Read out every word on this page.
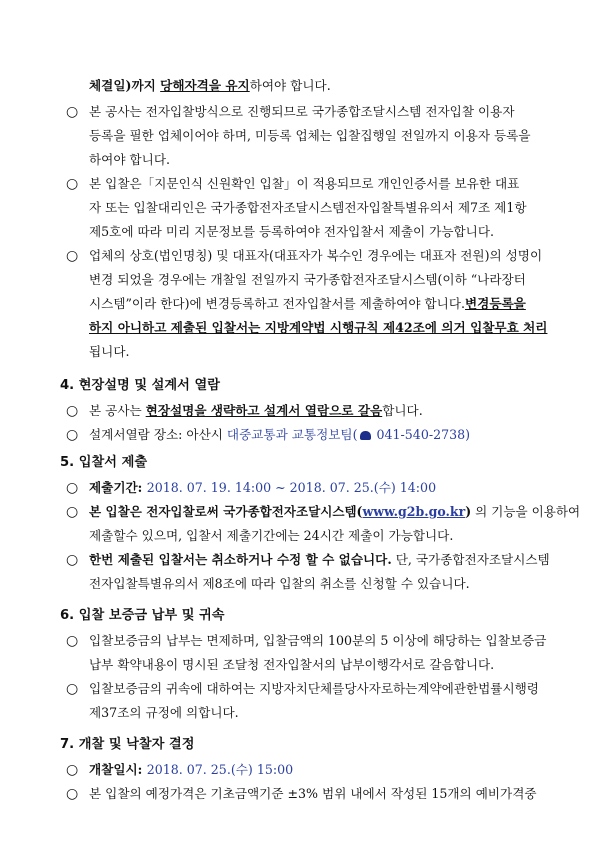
체결일)까지 당해자격을 유지하여야 합니다.
○ 본 공사는 전자입찰방식으로 진행되므로 국가종합조달시스템 전자입찰 이용자
등록을 필한 업체이어야 하며, 미등록 업체는 입찰집행일 전일까지 이용자 등록을
하여야 합니다.
○ 본 입찰은「지문인식 신원확인 입찰」이 적용되므로 개인인증서를 보유한 대표
자 또는 입찰대리인은 국가종합전자조달시스템전자입찰특별유의서 제7조 제1항
제5호에 따라 미리 지문정보를 등록하여야 전자입찰서 제출이 가능합니다.
○ 업체의 상호(법인명칭) 및 대표자(대표자가 복수인 경우에는 대표자 전원)의 성명이
변경 되었을 경우에는 개찰일 전일까지 국가종합전자조달시스템(이하 “나라장터
시스템”이라 한다)에 변경등록하고 전자입찰서를 제출하여야 합니다.변경등록을
하지 아니하고 제출된 입찰서는 지방계약법 시행규칙 제42조에 의거 입찰무효 처리
됩니다.
4. 현장설명 및 설계서 열람
○ 본 공사는 현장설명을 생략하고 설계서 열람으로 갈음합니다.
○ 설계서열람 장소: 아산시 대중교통과 교통정보팀( 041-540-2738)
5. 입찰서 제출
○ 제출기간: 2018. 07. 19. 14:00 ~ 2018. 07. 25.(수) 14:00
○ 본 입찰은 전자입찰로써 국가종합전자조달시스템(www.g2b.go.kr) 의 기능을 이용하여
제출할수 있으며, 입찰서 제출기간에는 24시간 제출이 가능합니다.
○ 한번 제출된 입찰서는 취소하거나 수정 할 수 없습니다. 단, 국가종합전자조달시스템
전자입찰특별유의서 제8조에 따라 입찰의 취소를 신청할 수 있습니다.
6. 입찰 보증금 납부 및 귀속
○ 입찰보증금의 납부는 면제하며, 입찰금액의 100분의 5 이상에 해당하는 입찰보증금
납부 확약내용이 명시된 조달청 전자입찰서의 납부이행각서로 갈음합니다.
○ 입찰보증금의 귀속에 대하여는 지방자치단체를당사자로하는계약에관한법률시행령
제37조의 규정에 의합니다.
7. 개찰 및 낙찰자 결정
○ 개찰일시: 2018. 07. 25.(수) 15:00
○ 본 입찰의 예정가격은 기초금액기준 ±3% 범위 내에서 작성된 15개의 예비가격중
